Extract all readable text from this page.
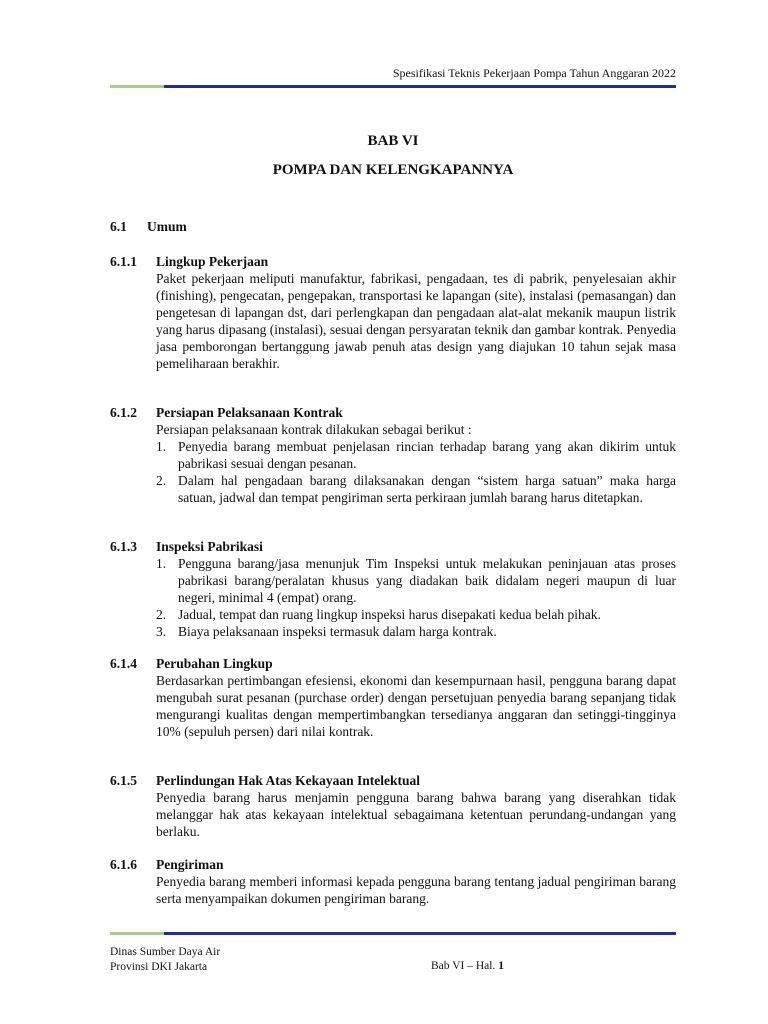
Spesifikasi Teknis Pekerjaan Pompa Tahun Anggaran 2022
BAB VI
POMPA DAN KELENGKAPANNYA
6.1 Umum
6.1.1 Lingkup Pekerjaan
Paket pekerjaan meliputi manufaktur, fabrikasi, pengadaan, tes di pabrik, penyelesaian akhir (finishing), pengecatan, pengepakan, transportasi ke lapangan (site), instalasi (pemasangan) dan pengetesan di lapangan dst, dari perlengkapan dan pengadaan alat-alat mekanik maupun listrik yang harus dipasang (instalasi), sesuai dengan persyaratan teknik dan gambar kontrak. Penyedia jasa pemborongan bertanggung jawab penuh atas design yang diajukan 10 tahun sejak masa pemeliharaan berakhir.
6.1.2 Persiapan Pelaksanaan Kontrak
Persiapan pelaksanaan kontrak dilakukan sebagai berikut :
1. Penyedia barang membuat penjelasan rincian terhadap barang yang akan dikirim untuk pabrikasi sesuai dengan pesanan.
2. Dalam hal pengadaan barang dilaksanakan dengan “sistem harga satuan” maka harga satuan, jadwal dan tempat pengiriman serta perkiraan jumlah barang harus ditetapkan.
6.1.3 Inspeksi Pabrikasi
1. Pengguna barang/jasa menunjuk Tim Inspeksi untuk melakukan peninjauan atas proses pabrikasi barang/peralatan khusus yang diadakan baik didalam negeri maupun di luar negeri, minimal 4 (empat) orang.
2. Jadual, tempat dan ruang lingkup inspeksi harus disepakati kedua belah pihak.
3. Biaya pelaksanaan inspeksi termasuk dalam harga kontrak.
6.1.4 Perubahan Lingkup
Berdasarkan pertimbangan efesiensi, ekonomi dan kesempurnaan hasil, pengguna barang dapat mengubah surat pesanan (purchase order) dengan persetujuan penyedia barang sepanjang tidak mengurangi kualitas dengan mempertimbangkan tersedianya anggaran dan setinggi-tingginya 10% (sepuluh persen) dari nilai kontrak.
6.1.5 Perlindungan Hak Atas Kekayaan Intelektual
Penyedia barang harus menjamin pengguna barang bahwa barang yang diserahkan tidak melanggar hak atas kekayaan intelektual sebagaimana ketentuan perundang-undangan yang berlaku.
6.1.6 Pengiriman
Penyedia barang memberi informasi kepada pengguna barang tentang jadual pengiriman barang serta menyampaikan dokumen pengiriman barang.
Dinas Sumber Daya Air
Provinsi DKI Jakarta	Bab VI – Hal. 1
